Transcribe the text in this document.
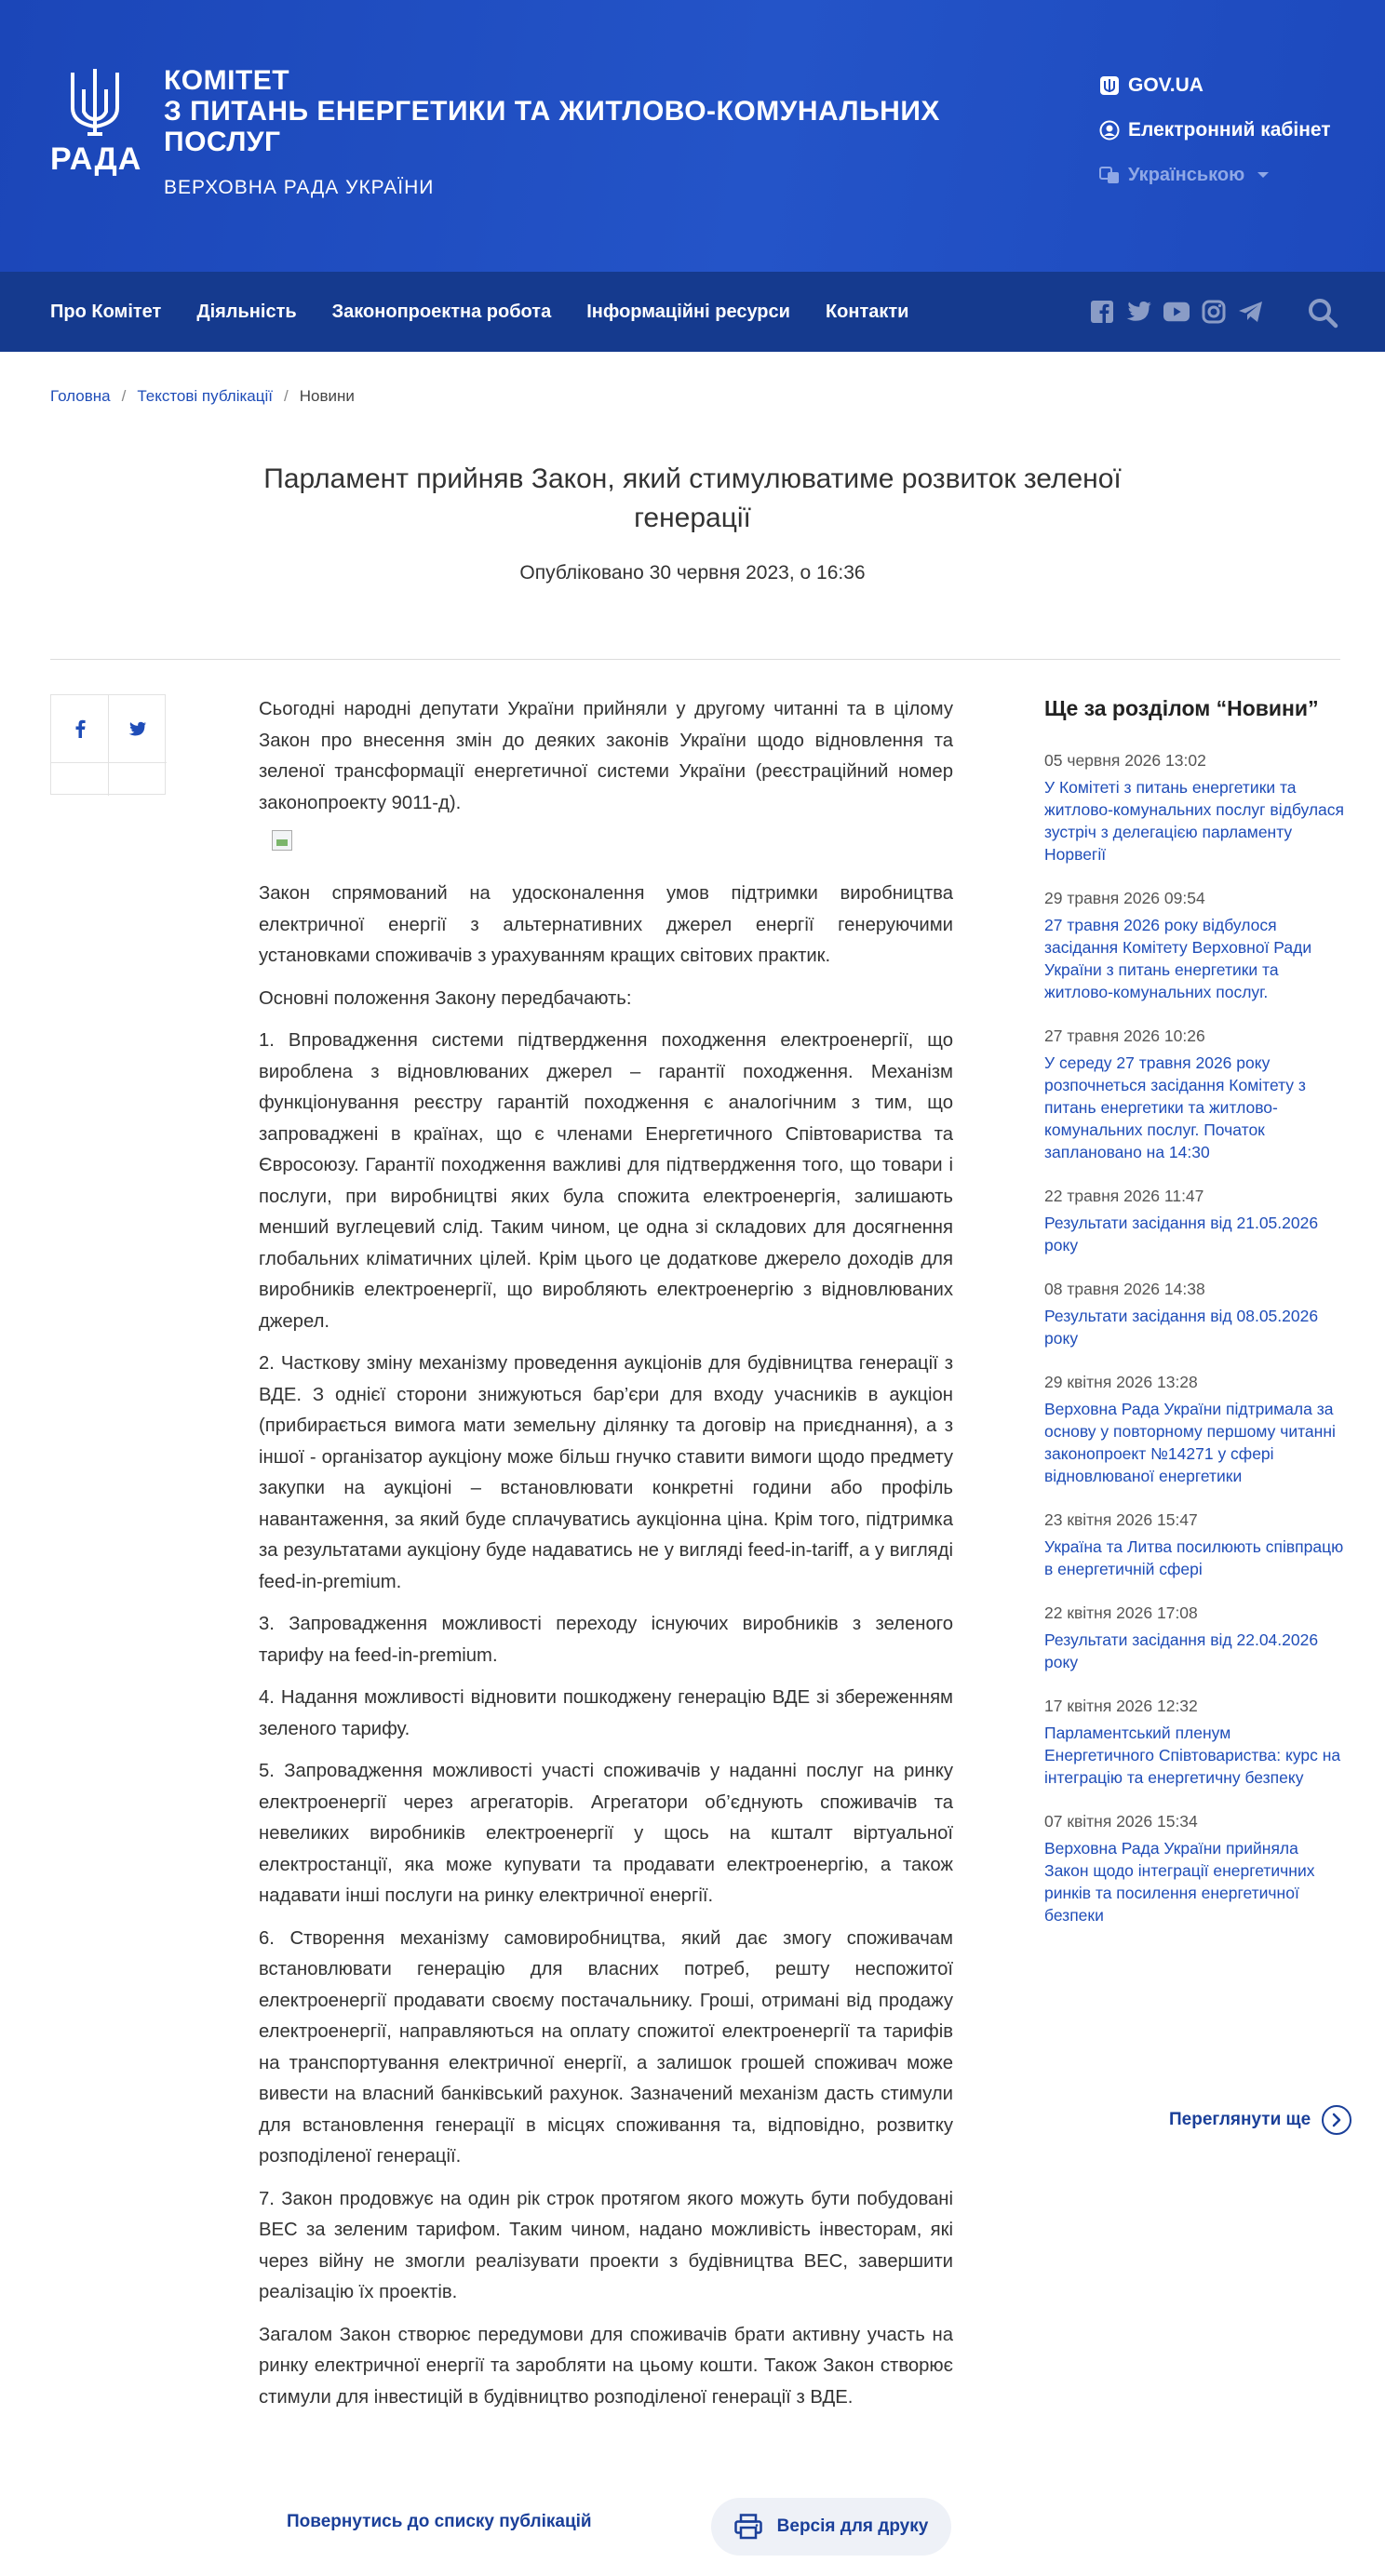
РАДА
КОМІТЕТ
З ПИТАНЬ ЕНЕРГЕТИКИ ТА ЖИТЛОВО-КОМУНАЛЬНИХ
ПОСЛУГ
ВЕРХОВНА РАДА УКРАЇНИ
GOV.UA
Електронний кабінет
Українською
Про Комітет Діяльність Законопроектна робота Інформаційні ресурси Контакти
Головна / Текстові публікації / Новини
Парламент прийняв Закон, який стимулюватиме розвиток зеленої генерації
Опубліковано 30 червня 2023, о 16:36

Сьогодні народні депутати України прийняли у другому читанні та в цілому Закон про внесення змін до деяких законів України щодо відновлення та зеленої трансформації енергетичної системи України (реєстраційний номер законопроекту 9011-д).

Закон спрямований на удосконалення умов підтримки виробництва електричної енергії з альтернативних джерел енергії генеруючими установками споживачів з урахуванням кращих світових практик.

Основні положення Закону передбачають:

1. Впровадження системи підтвердження походження електроенергії, що вироблена з відновлюваних джерел – гарантії походження. Механізм функціонування реєстру гарантій походження є аналогічним з тим, що запроваджені в країнах, що є членами Енергетичного Співтовариства та Євросоюзу. Гарантії походження важливі для підтвердження того, що товари і послуги, при виробництві яких була спожита електроенергія, залишають менший вуглецевий слід. Таким чином, це одна зі складових для досягнення глобальних кліматичних цілей. Крім цього це додаткове джерело доходів для виробників електроенергії, що виробляють електроенергію з відновлюваних джерел.

2. Часткову зміну механізму проведення аукціонів для будівництва генерації з ВДЕ. З однієї сторони знижуються бар’єри для входу учасників в аукціон (прибирається вимога мати земельну ділянку та договір на приєднання), а з іншої - організатор аукціону може більш гнучко ставити вимоги щодо предмету закупки на аукціоні – встановлювати конкретні години або профіль навантаження, за який буде сплачуватись аукціонна ціна. Крім того, підтримка за результатами аукціону буде надаватись не у вигляді feed-in-tariff, а у вигляді feed-in-premium.

3. Запровадження можливості переходу існуючих виробників з зеленого тарифу на feed-in-premium.

4. Надання можливості відновити пошкоджену генерацію ВДЕ зі збереженням зеленого тарифу.

5. Запровадження можливості участі споживачів у наданні послуг на ринку електроенергії через агрегаторів. Агрегатори об’єднують споживачів та невеликих виробників електроенергії у щось на кшталт віртуальної електростанції, яка може купувати та продавати електроенергію, а також надавати інші послуги на ринку електричної енергії.

6. Створення механізму самовиробництва, який дає змогу споживачам встановлювати генерацію для власних потреб, решту неспожитої електроенергії продавати своєму постачальнику. Гроші, отримані від продажу електроенергії, направляються на оплату спожитої електроенергії та тарифів на транспортування електричної енергії, а залишок грошей споживач може вивести на власний банківський рахунок. Зазначений механізм дасть стимули для встановлення генерації в місцях споживання та, відповідно, розвитку розподіленої генерації.

7. Закон продовжує на один рік строк протягом якого можуть бути побудовані ВЕС за зеленим тарифом. Таким чином, надано можливість інвесторам, які через війну не змогли реалізувати проекти з будівництва ВЕС, завершити реалізацію їх проектів.

Загалом Закон створює передумови для споживачів брати активну участь на ринку електричної енергії та заробляти на цьому кошти. Також Закон створює стимули для інвестицій в будівництво розподіленої генерації з ВДЕ.

Повернутись до списку публікацій	Версія для друку
Ще за розділом “Новини”
05 червня 2026 13:02
У Комітеті з питань енергетики та житлово-комунальних послуг відбулася зустріч з делегацією парламенту Норвегії
29 травня 2026 09:54
27 травня 2026 року відбулося засідання Комітету Верховної Ради України з питань енергетики та житлово-комунальних послуг.
27 травня 2026 10:26
У середу 27 травня 2026 року розпочнеться засідання Комітету з питань енергетики та житлово-комунальних послуг. Початок заплановано на 14:30
22 травня 2026 11:47
Результати засідання від 21.05.2026 року
08 травня 2026 14:38
Результати засідання від 08.05.2026 року
29 квітня 2026 13:28
Верховна Рада України підтримала за основу у повторному першому читанні законопроект №14271 у сфері відновлюваної енергетики
23 квітня 2026 15:47
Україна та Литва посилюють співпрацю в енергетичній сфері
22 квітня 2026 17:08
Результати засідання від 22.04.2026 року
17 квітня 2026 12:32
Парламентський пленум Енергетичного Співтовариства: курс на інтеграцію та енергетичну безпеку
07 квітня 2026 15:34
Верховна Рада України прийняла Закон щодо інтеграції енергетичних ринків та посилення енергетичної безпеки
Переглянути ще
